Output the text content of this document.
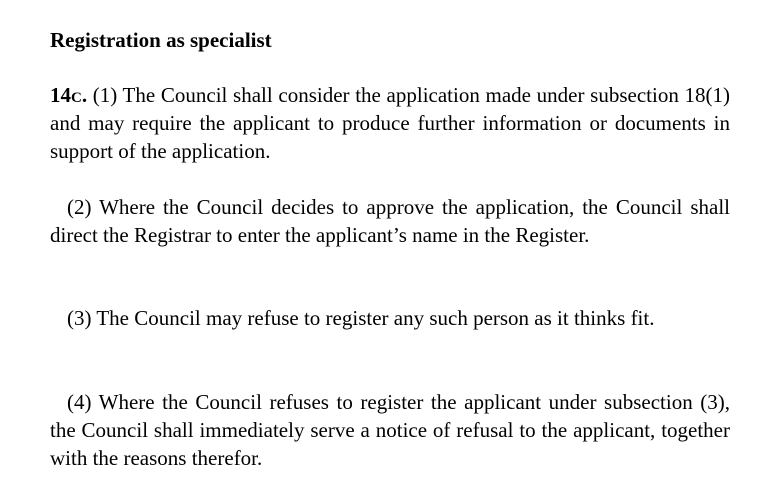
Registration as specialist

14c. (1) The Council shall consider the application made under subsection 18(1) and may require the applicant to produce further information or documents in support of the application.

(2) Where the Council decides to approve the application, the Council shall direct the Registrar to enter the applicant’s name in the Register.

(3) The Council may refuse to register any such person as it thinks fit.

(4) Where the Council refuses to register the applicant under subsection (3), the Council shall immediately serve a notice of refusal to the applicant, together with the reasons therefor.
